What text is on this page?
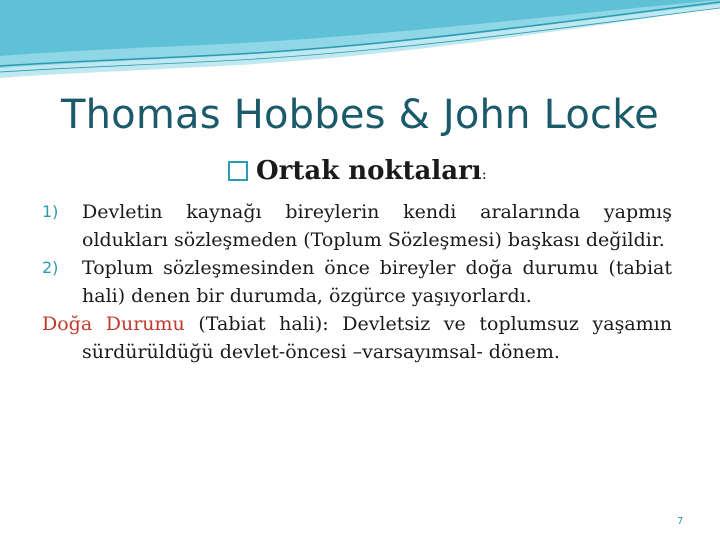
Thomas Hobbes & John Locke
Ortak noktaları:
1) Devletin kaynağı bireylerin kendi aralarında yapmış oldukları sözleşmeden (Toplum Sözleşmesi) başkası değildir.
2) Toplum sözleşmesinden önce bireyler doğa durumu (tabiat hali) denen bir durumda, özgürce yaşıyorlardı.
Doğa Durumu (Tabiat hali): Devletsiz ve toplumsuz yaşamın sürdürüldüğü devlet-öncesi –varsayımsal- dönem.
7
